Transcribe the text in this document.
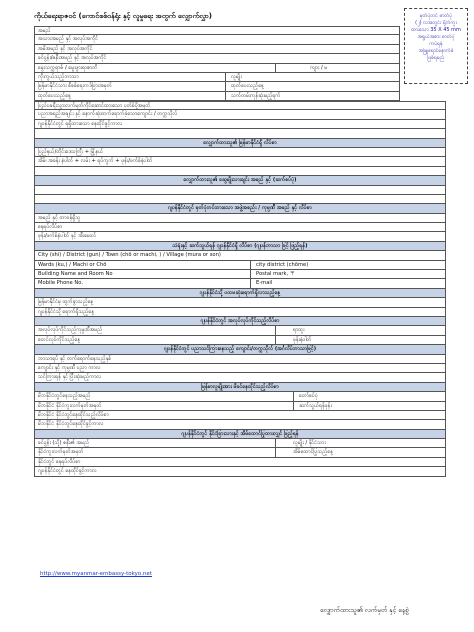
ကိုယ်ရေးရာဇဝင် (ကောင်စစ်ဝန်ရုံး နှင့် လူမှုရေး အတွက် လျှောက်လွှာ)	မှတ်ပုံတင် ဓာတ်ပုံ
(၂) လအတွင်း ရိုက်ကူး
ထားသော 35 X 45 mm
အရွယ်အစား ဓာတ်ပုံ
ကပ်ရန်
အဖြူရောင်နောက်ခံ
ဖြစ်ရမည်
အမည်
အသားအမည် နှင့် အလုပ်အကိုင်
အမိအမည် နှင့် အလုပ်အကိုင်
ခင်ပွန်း/ဇနီးအမည် နှင့် အလုပ်အကိုင်
မွေးသက္ကရာဇ် / မွေးဖွားရာဇာတိ	ကျား / မ
ကိုးကွယ်သည့်ဘာသာ	လူမျိုး
မြန်မာနိုင်ငံသား စိစစ်ရေးကဒ်ပြားအမှတ်	ထုတ်ပေးသည့်နေ့
ထုတ်ပေးသည့်နေ့	သက်တမ်းကုန်ဆုံးမည့်ရက်
ပြည်ပခရီးသွားလက်မှတ်ကိုင်ဆောင်ထားသော ပတ်စ်ပို့အမှတ်
ပညာအရည်အချင်း နှင့် နောက်ဆုံးတက်ရောက်ခဲ့သောကျောင်း / တက္ကသိုလ်
ဂျပန်နိုင်ငံတွင် ရရှိထားသော နေထိုင်ခွင့်ကာလ
လျှောက်ထားသူ၏ မြန်မာနိုင်ငံရှိ လိပ်စာ
ပြည်နယ်/တိုင်းဒေသကြီး + မြို့နယ်
အိမ်၊ အခန်း နံပါတ် + လမ်း + ရပ်ကွက် + ဖုန်း/ဖက်စ်နံပါတ်
လျှောက်ထားသူ၏ ဆွေမျိုးသားချင်း အမည် နှင့် (ဆက်စပ်ပုံ)
ဂျပန်နိုင်ငံတွင် မှတ်ပုံတင်ထားသော အဖွဲ့အစည်း / ကုမ္ပဏီ အမည် နှင့် လိပ်စာ
အမည် နှင့် တာဝန်ရှိသူ
နေရပ်လိပ်စာ
ဖုန်း/ဖက်စ်နံပါတ် နှင့် အီးမေးလ်
သံရုံးနှင့် ဆက်သွယ်ရန် ဂျပန်နိုင်ငံရှိ လိပ်စာ (ဂျပန်ဘာသာ ဖြင့် ဖြည့်ရန်)
City (shi) / District (gun) / Town (chō or machi, ) / Village (mura or son)
Wards (ku,) / Machi or Chō	city district (chōme)
Building Name and Room No	Postal mark, 〒
Mobile Phone No.	E-mail
ဂျပန်နိုင်ငံသို့ ပထမဆုံးရောက်ရှိလာသည့်နေ့
မြန်မာနိုင်ငံမှ ထွက်ခွာသည့်နေ့
ဂျပန်နိုင်ငံသို့ ရောက်ရှိသည့်နေ့
ဂျပန်နိုင်ငံတွင် အလုပ်လုပ်ကိုင်သည့်လိပ်စာ
အလုပ်လုပ်ကိုင်သည့်ကုမ္ပဏီအမည်	ရာထူး
စတင်လုပ်ကိုင်သည့်နေ့	ဖုန်းနံပါတ်
ဂျပန်နိုင်ငံတွင် ပညာသင်ကြားနေသည့် ကျောင်း/တက္ကသိုလ် (အင်္ဂလိပ်ဘာသာဖြင့်)
ဘာသာရပ် နှင့် တက်ရောက်နေသည့်နှစ်
ကျောင်း နှင့် ကုမ္ပဏီ ပညာ ကာလ
သင်ကြားရန် နှင့် ပြီးဆုံးမည့်ကာလ
မြန်မာလူမျိုးအား မိခင်နေထိုင်သည့်လိပ်စာ
မိဘနိုင်ငံတွင်နေသည့်အမည်	တော်စပ်ပုံ
မိဘနိုင်ငံ နိုင်ငံကူးလက်မှတ်အမှတ်	ဆက်သွယ်ရန်ဖုန်း
မိဘနိုင်ငံ နိုင်ငံတွင်နေထိုင်သည့်လိပ်စာ
မိဘနိုင်ငံ နိုင်ငံတွင်နေထိုင်ခွင့်ကာလ
ဂျပန်နိုင်ငံတွင် နိုင်ငံခြားသားနှင့် အိမ်ထောင်ပြုထားလျှင် ဖြည့်ရန်
ခင်ပွန်း (သို့) ဇနီး၏ အမည်	လူမျိုး / နိုင်ငံသား
နိုင်ငံကူးလက်မှတ်အမှတ်	အိမ်ထောင်ပြုသည့်နေ့
နိုင်ငံတွင် နေရပ်လိပ်စာ
ဂျပန်နိုင်ငံတွင် နေထိုင်ခွင့်ကာလ
http://www.myanmar-embassy-tokyo.net
လျှောက်ထားသူ၏ လက်မှတ် နှင့် နေ့စွဲ
